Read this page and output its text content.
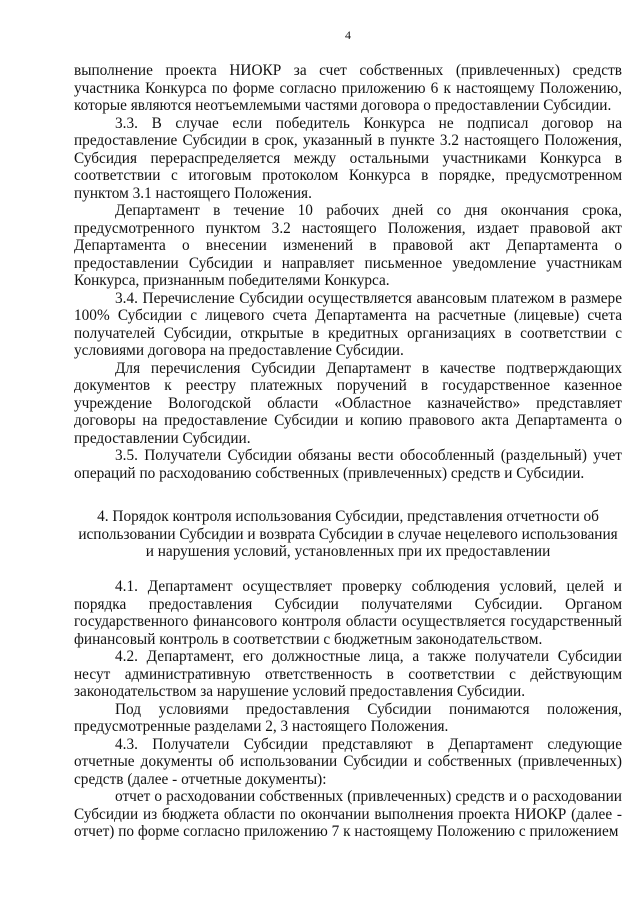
4

выполнение проекта НИОКР за счет собственных (привлеченных) средств участника Конкурса по форме согласно приложению 6 к настоящему Положению, которые являются неотъемлемыми частями договора о предоставлении Субсидии.

3.3. В случае если победитель Конкурса не подписал договор на предоставление Субсидии в срок, указанный в пункте 3.2 настоящего Положения, Субсидия перераспределяется между остальными участниками Конкурса в соответствии с итоговым протоколом Конкурса в порядке, предусмотренном пунктом 3.1 настоящего Положения.

Департамент в течение 10 рабочих дней со дня окончания срока, предусмотренного пунктом 3.2 настоящего Положения, издает правовой акт Департамента о внесении изменений в правовой акт Департамента о предоставлении Субсидии и направляет письменное уведомление участникам Конкурса, признанным победителями Конкурса.

3.4. Перечисление Субсидии осуществляется авансовым платежом в размере 100% Субсидии с лицевого счета Департамента на расчетные (лицевые) счета получателей Субсидии, открытые в кредитных организациях в соответствии с условиями договора на предоставление Субсидии.

Для перечисления Субсидии Департамент в качестве подтверждающих документов к реестру платежных поручений в государственное казенное учреждение Вологодской области «Областное казначейство» представляет договоры на предоставление Субсидии и копию правового акта Департамента о предоставлении Субсидии.

3.5. Получатели Субсидии обязаны вести обособленный (раздельный) учет операций по расходованию собственных (привлеченных) средств и Субсидии.

4. Порядок контроля использования Субсидии, представления отчетности об использовании Субсидии и возврата Субсидии в случае нецелевого использования и нарушения условий, установленных при их предоставлении

4.1. Департамент осуществляет проверку соблюдения условий, целей и порядка предоставления Субсидии получателями Субсидии. Органом государственного финансового контроля области осуществляется государственный финансовый контроль в соответствии с бюджетным законодательством.

4.2. Департамент, его должностные лица, а также получатели Субсидии несут административную ответственность в соответствии с действующим законодательством за нарушение условий предоставления Субсидии.

Под условиями предоставления Субсидии понимаются положения, предусмотренные разделами 2, 3 настоящего Положения.

4.3. Получатели Субсидии представляют в Департамент следующие отчетные документы об использовании Субсидии и собственных (привлеченных) средств (далее - отчетные документы):

отчет о расходовании собственных (привлеченных) средств и о расходовании Субсидии из бюджета области по окончании выполнения проекта НИОКР (далее - отчет) по форме согласно приложению 7 к настоящему Положению с приложением
